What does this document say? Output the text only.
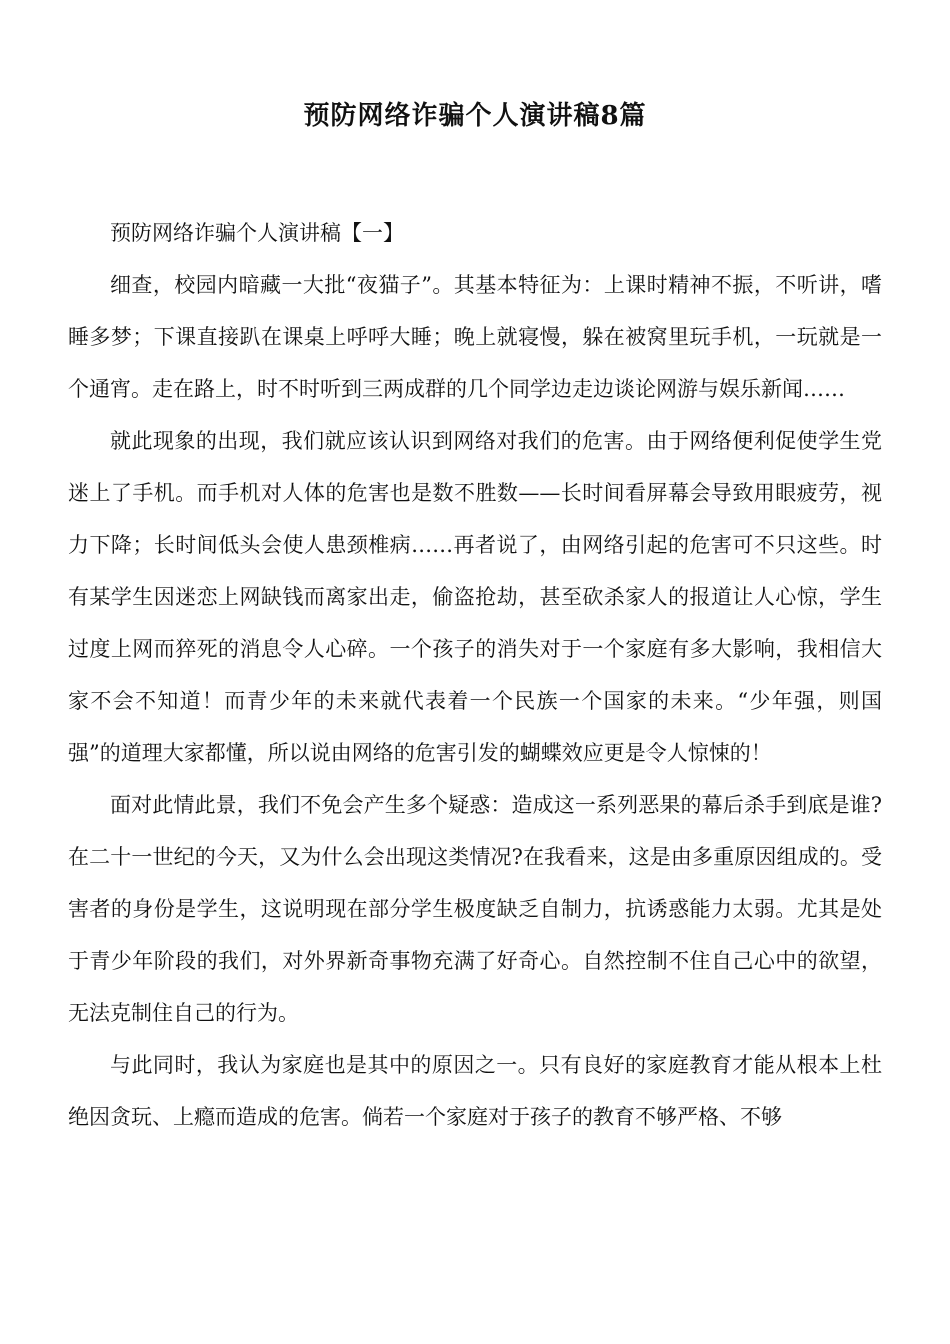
预防网络诈骗个人演讲稿8篇

预防网络诈骗个人演讲稿【一】

细查，校园内暗藏一大批“夜猫子”。其基本特征为：上课时精神不振，不听讲，嗜睡多梦；下课直接趴在课桌上呼呼大睡；晚上就寝慢，躲在被窝里玩手机，一玩就是一个通宵。走在路上，时不时听到三两成群的几个同学边走边谈论网游与娱乐新闻……

就此现象的出现，我们就应该认识到网络对我们的危害。由于网络便利促使学生党迷上了手机。而手机对人体的危害也是数不胜数——长时间看屏幕会导致用眼疲劳，视力下降；长时间低头会使人患颈椎病……再者说了，由网络引起的危害可不只这些。时有某学生因迷恋上网缺钱而离家出走，偷盗抢劫，甚至砍杀家人的报道让人心惊，学生过度上网而猝死的消息令人心碎。一个孩子的消失对于一个家庭有多大影响，我相信大家不会不知道！而青少年的未来就代表着一个民族一个国家的未来。“少年强，则国强”的道理大家都懂，所以说由网络的危害引发的蝴蝶效应更是令人惊悚的！

面对此情此景，我们不免会产生多个疑惑：造成这一系列恶果的幕后杀手到底是谁?在二十一世纪的今天，又为什么会出现这类情况?在我看来，这是由多重原因组成的。受害者的身份是学生，这说明现在部分学生极度缺乏自制力，抗诱惑能力太弱。尤其是处于青少年阶段的我们，对外界新奇事物充满了好奇心。自然控制不住自己心中的欲望，无法克制住自己的行为。

与此同时，我认为家庭也是其中的原因之一。只有良好的家庭教育才能从根本上杜绝因贪玩、上瘾而造成的危害。倘若一个家庭对于孩子的教育不够严格、不够
